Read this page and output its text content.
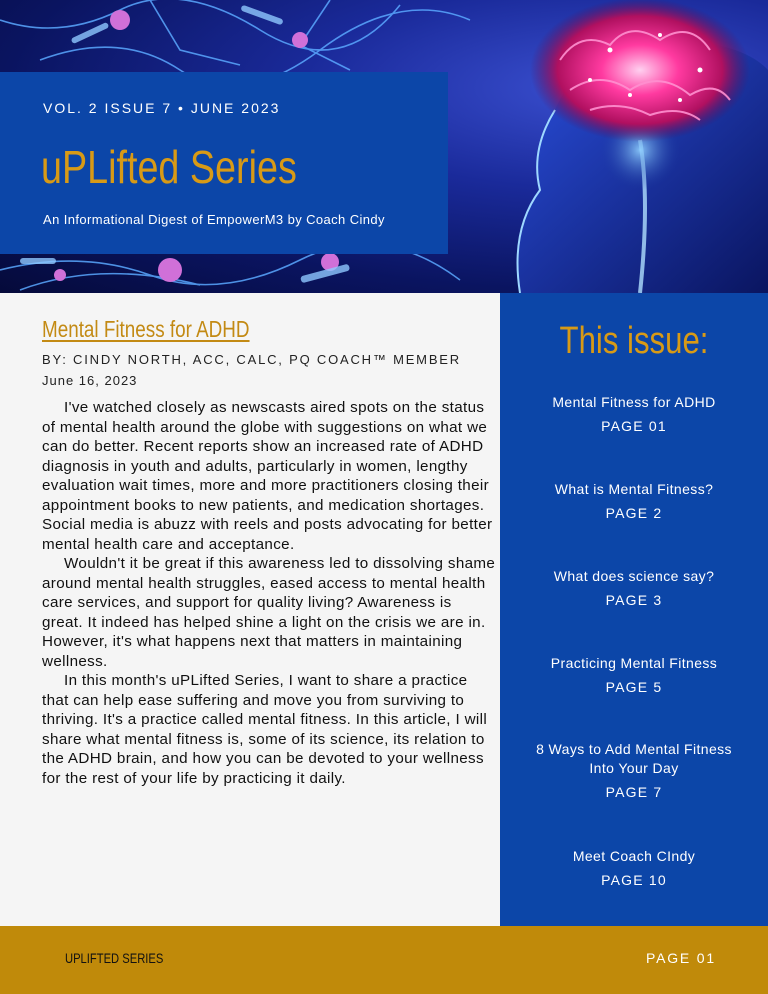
VOL. 2 ISSUE 7 • JUNE 2023
uPLifted Series
An Informational Digest of EmpowerM3 by Coach Cindy
Mental Fitness for ADHD
BY: CINDY NORTH, ACC, CALC, PQ COACH™ MEMBER
June 16, 2023

I've watched closely as newscasts aired spots on the status of mental health around the globe with suggestions on what we can do better. Recent reports show an increased rate of ADHD diagnosis in youth and adults, particularly in women, lengthy evaluation wait times, more and more practitioners closing their appointment books to new patients, and medication shortages. Social media is abuzz with reels and posts advocating for better mental health care and acceptance.

Wouldn't it be great if this awareness led to dissolving shame around mental health struggles, eased access to mental health care services, and support for quality living? Awareness is great. It indeed has helped shine a light on the crisis we are in. However, it's what happens next that matters in maintaining wellness.

In this month's uPLifted Series, I want to share a practice that can help ease suffering and move you from surviving to thriving. It's a practice called mental fitness. In this article, I will share what mental fitness is, some of its science, its relation to the ADHD brain, and how you can be devoted to your wellness for the rest of your life by practicing it daily.

This issue:
Mental Fitness for ADHD
PAGE 01
What is Mental Fitness?
PAGE 2
What does science say?
PAGE 3
Practicing Mental Fitness
PAGE 5
8 Ways to Add Mental Fitness Into Your Day
PAGE 7
Meet Coach CIndy
PAGE 10
UPLIFTED SERIES	PAGE 01
